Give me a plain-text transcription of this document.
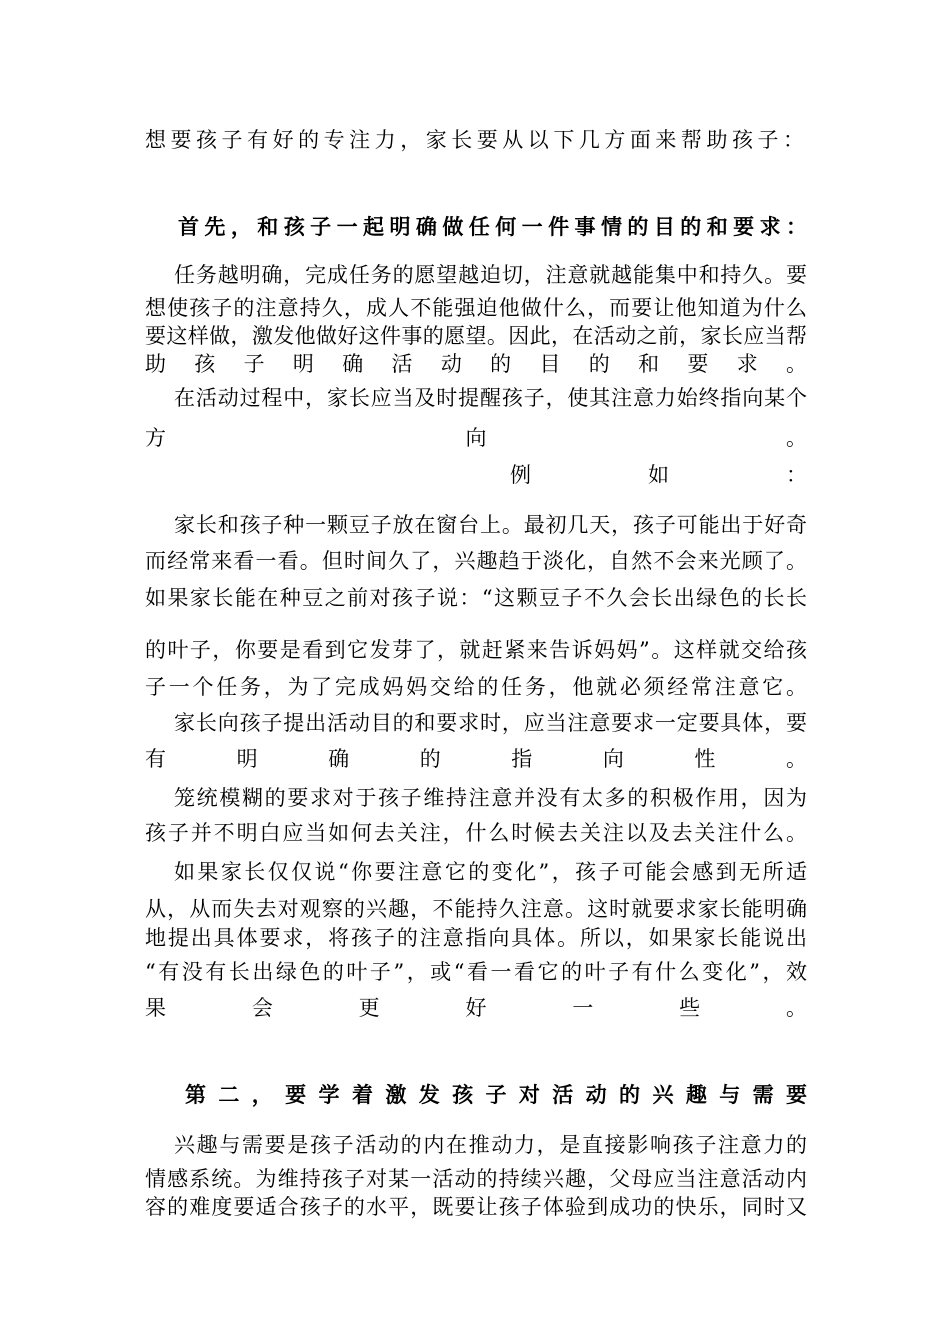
想要孩子有好的专注力，家长要从以下几方面来帮助孩子：
首先，和孩子一起明确做任何一件事情的目的和要求：
任务越明确，完成任务的愿望越迫切，注意就越能集中和持久。要
想使孩子的注意持久，成人不能强迫他做什么，而要让他知道为什么
要这样做，激发他做好这件事的愿望。因此，在活动之前，家长应当帮
助孩子明确活动的目的和要求。
在活动过程中，家长应当及时提醒孩子，使其注意力始终指向某个
方向。
例如：
家长和孩子种一颗豆子放在窗台上。最初几天，孩子可能出于好奇
而经常来看一看。但时间久了，兴趣趋于淡化，自然不会来光顾了。
如果家长能在种豆之前对孩子说：“这颗豆子不久会长出绿色的长长
的叶子，你要是看到它发芽了，就赶紧来告诉妈妈”。这样就交给孩
子一个任务，为了完成妈妈交给的任务，他就必须经常注意它。
家长向孩子提出活动目的和要求时，应当注意要求一定要具体，要
有明确的指向性。
笼统模糊的要求对于孩子维持注意并没有太多的积极作用，因为
孩子并不明白应当如何去关注，什么时候去关注以及去关注什么。
如果家长仅仅说“你要注意它的变化”，孩子可能会感到无所适
从，从而失去对观察的兴趣，不能持久注意。这时就要求家长能明确
地提出具体要求，将孩子的注意指向具体。所以，如果家长能说出
“有没有长出绿色的叶子”，或“看一看它的叶子有什么变化”，效
果会更好一些。
第二，要学着激发孩子对活动的兴趣与需要
兴趣与需要是孩子活动的内在推动力，是直接影响孩子注意力的
情感系统。为维持孩子对某一活动的持续兴趣，父母应当注意活动内
容的难度要适合孩子的水平，既要让孩子体验到成功的快乐，同时又
